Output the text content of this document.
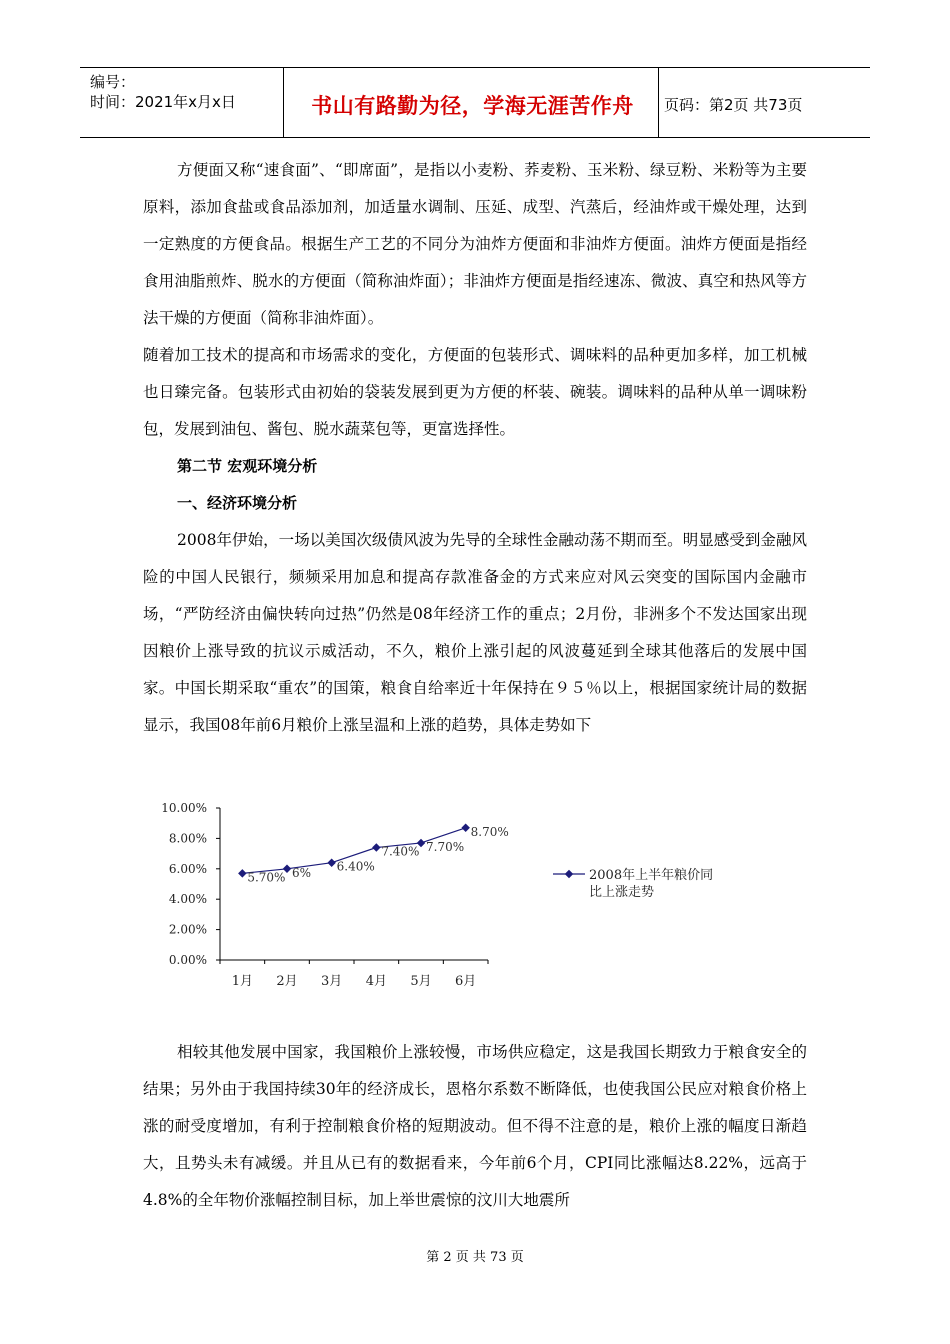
编号：
时间：2021年x月x日	书山有路勤为径，学海无涯苦作舟	页码：第2页 共73页

方便面又称“速食面”、“即席面”，是指以小麦粉、荞麦粉、玉米粉、绿豆粉、米粉等为主要原料，添加食盐或食品添加剂，加适量水调制、压延、成型、汽蒸后，经油炸或干燥处理，达到一定熟度的方便食品。根据生产工艺的不同分为油炸方便面和非油炸方便面。油炸方便面是指经食用油脂煎炸、脱水的方便面（简称油炸面）；非油炸方便面是指经速冻、微波、真空和热风等方法干燥的方便面（简称非油炸面）。

随着加工技术的提高和市场需求的变化，方便面的包装形式、调味料的品种更加多样，加工机械也日臻完备。包装形式由初始的袋装发展到更为方便的杯装、碗装。调味料的品种从单一调味粉包，发展到油包、酱包、脱水蔬菜包等，更富选择性。

第二节 宏观环境分析

一、经济环境分析

2008年伊始，一场以美国次级债风波为先导的全球性金融动荡不期而至。明显感受到金融风险的中国人民银行，频频采用加息和提高存款准备金的方式来应对风云突变的国际国内金融市场，“严防经济由偏快转向过热”仍然是08年经济工作的重点；2月份，非洲多个不发达国家出现因粮价上涨导致的抗议示威活动，不久，粮价上涨引起的风波蔓延到全球其他落后的发展中国家。中国长期采取“重农”的国策，粮食自给率近十年保持在９５％以上，根据国家统计局的数据显示，我国08年前6月粮价上涨呈温和上涨的趋势，具体走势如下

0.00%
2.00%
4.00%
6.00%
8.00%
10.00%
1月 2月 3月 4月 5月 6月
5.70% 6% 6.40%
7.40% 7.70%
8.70%
2008年上半年粮价同
比上涨走势

相较其他发展中国家，我国粮价上涨较慢，市场供应稳定，这是我国长期致力于粮食安全的结果；另外由于我国持续30年的经济成长，恩格尔系数不断降低，也使我国公民应对粮食价格上涨的耐受度增加，有利于控制粮食价格的短期波动。但不得不注意的是，粮价上涨的幅度日渐趋大，且势头未有减缓。并且从已有的数据看来，今年前6个月，CPI同比涨幅达8.22%，远高于4.8%的全年物价涨幅控制目标，加上举世震惊的汶川大地震所

第 2 页 共 73 页
